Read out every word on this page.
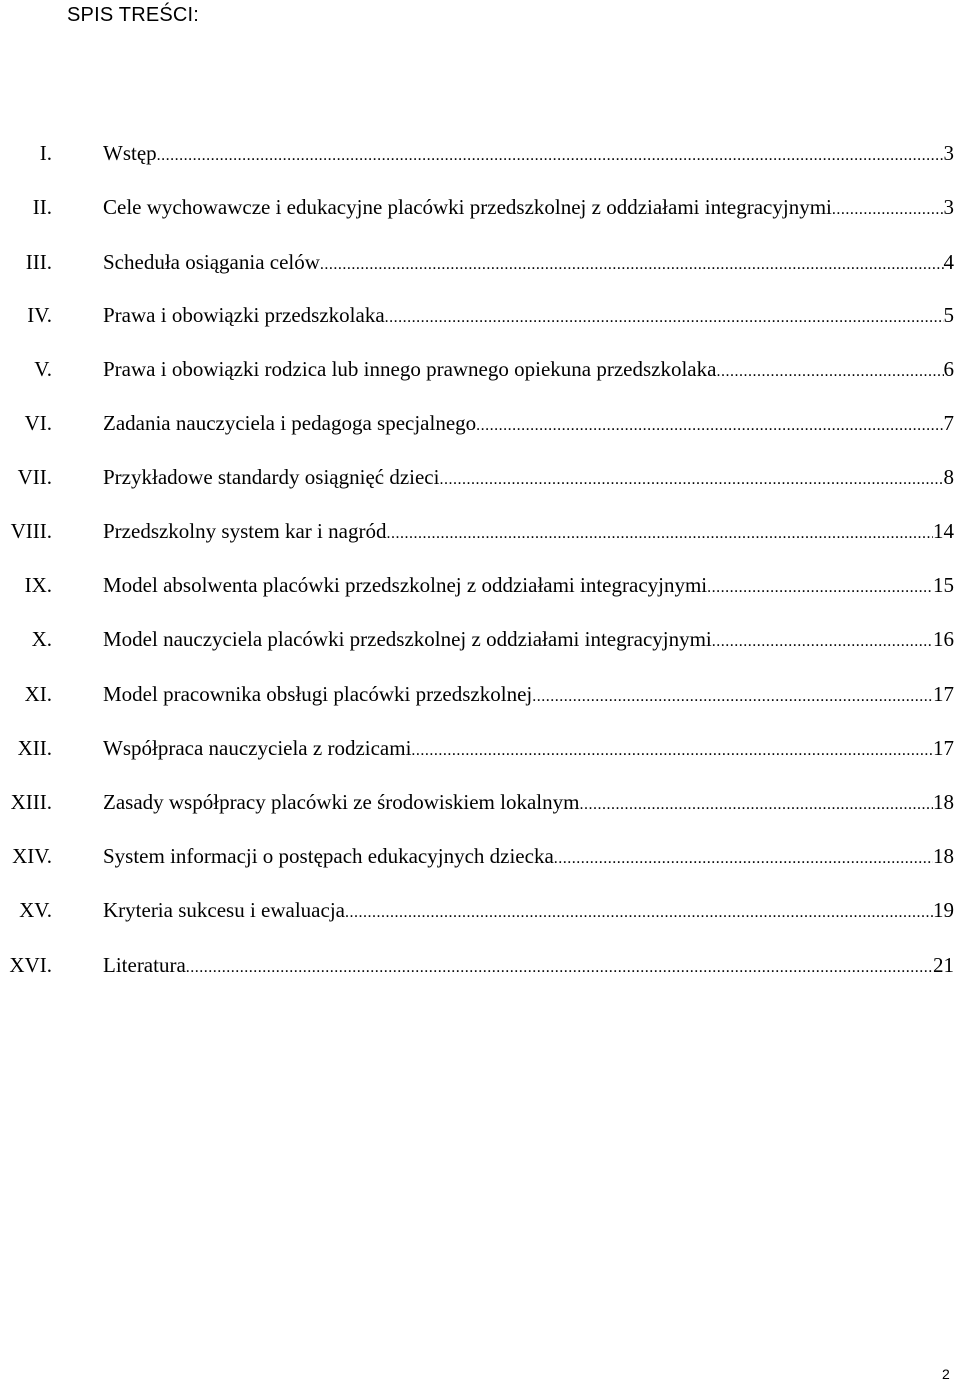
SPIS TREŚCI:
I. Wstęp .....	3
II. Cele wychowawcze i edukacyjne placówki przedszkolnej z oddziałami integracyjnymi .....	3
III. Scheduła osiągania celów .....	4
IV. Prawa i obowiązki przedszkolaka .....	5
V. Prawa i obowiązki rodzica lub innego prawnego opiekuna przedszkolaka .....	6
VI. Zadania nauczyciela i pedagoga specjalnego .....	7
VII. Przykładowe standardy osiągnięć dzieci .....	8
VIII. Przedszkolny system kar i nagród .....	14
IX. Model absolwenta placówki przedszkolnej z oddziałami integracyjnymi .....	15
X. Model nauczyciela placówki przedszkolnej z oddziałami integracyjnymi .....	16
XI. Model pracownika obsługi placówki przedszkolnej .....	17
XII. Współpraca nauczyciela z rodzicami .....	17
XIII. Zasady współpracy placówki ze środowiskiem lokalnym .....	18
XIV. System informacji o postępach edukacyjnych dziecka .....	18
XV. Kryteria sukcesu i ewaluacja .....	19
XVI. Literatura .....	21
2
